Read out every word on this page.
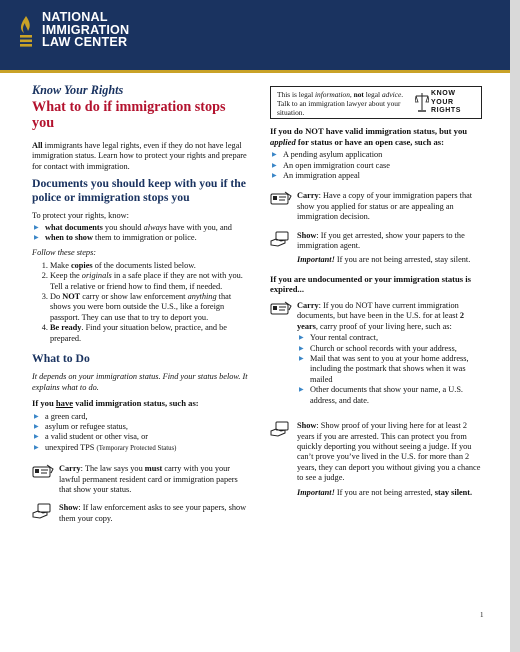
NATIONAL
IMMIGRATION
LAW CENTER
Know Your Rights
What to do if immigration stops you

All immigrants have legal rights, even if they do not have legal immigration status. Learn how to protect your rights and prepare for contact with immigration.

Documents you should keep with you if the police or immigration stops you

To protect your rights, know:

▶ what documents you should always have with you, and
▶ when to show them to immigration or police.

Follow these steps:

1. Make copies of the documents listed below.
2. Keep the originals in a safe place if they are not with you. Tell a relative or friend how to find them, if needed.
3. Do NOT carry or show law enforcement anything that shows you were born outside the U.S., like a foreign passport. They can use that to try to deport you.
4. Be ready. Find your situation below, practice, and be prepared.
What to Do

It depends on your immigration status. Find your status below. It explains what to do.

If you have valid immigration status, such as:
▶ a green card,
▶ asylum or refugee status,
▶ a valid student or other visa, or
▶ unexpired TPS (Temporary Protected Status)
Carry: The law says you must carry with you your lawful permanent resident card or immigration papers that show your status.
Show: If law enforcement asks to see your papers, show them your copy.
This is legal information, not legal advice. Talk to an immigration lawyer about your situation.
KNOW
YOUR
RIGHTS
If you do NOT have valid immigration status, but you applied for status or have an open case, such as:
▶ A pending asylum application
▶ An open immigration court case
▶ An immigration appeal
Carry: Have a copy of your immigration papers that show you applied for status or are appealing an immigration decision.
Show: If you get arrested, show your papers to the immigration agent.
Important! If you are not being arrested, stay silent.
If you are undocumented or your immigration status is expired...
Carry: If you do NOT have current immigration documents, but have been in the U.S. for at least 2 years, carry proof of your living here, such as:
▶ Your rental contract,
▶ Church or school records with your address,
▶ Mail that was sent to you at your home address, including the postmark that shows when it was mailed
▶ Other documents that show your name, a U.S. address, and date.
Show: Show proof of your living here for at least 2 years if you are arrested. This can protect you from quickly deporting you without seeing a judge. If you can’t prove you’ve lived in the U.S. for more than 2 years, they can deport you without giving you a chance to see a judge.
Important! If you are not being arrested, stay silent.
1
